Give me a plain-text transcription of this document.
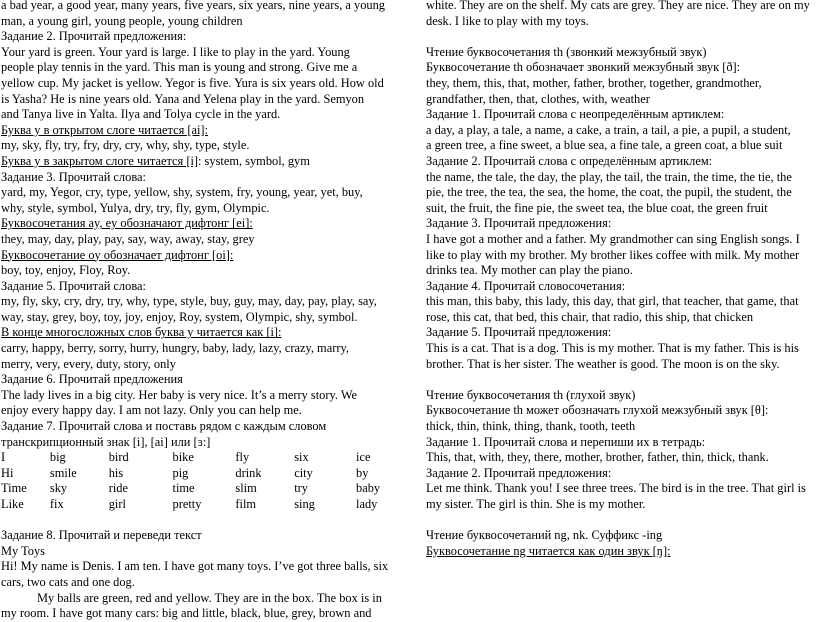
a bad year, a good year, many years, five years, six years, nine years, a young
man, a young girl, young people, young children
Задание 2. Прочитай предложения:
Your yard is green. Your yard is large. I like to play in the yard. Young
people play tennis in the yard. This man is young and strong. Give me a
yellow cup. My jacket is yellow. Yegor is five. Yura is six years old. How old
is Yasha? He is nine years old. Yana and Yelena play in the yard. Semyon
and Tanya live in Yalta. Ilya and Tolya cycle in the yard.
Буква y в открытом слоге читается [ai]:
my, sky, fly, try, fry, dry, cry, why, shy, type, style.
Буква y в закрытом слоге читается [i]: system, symbol, gym
Задание 3. Прочитай слова:
yard, my, Yegor, cry, type, yellow, shy, system, fry, young, year, yet, buy,
why, style, symbol, Yulya, dry, try, fly, gym, Olympic.
Буквосочетания ay, ey обозначают дифтонг [ei]:
they, may, day, play, pay, say, way, away, stay, grey
Буквосочетание oy обозначает дифтонг [oi]:
boy, toy, enjoy, Floy, Roy.
Задание 5. Прочитай слова:
my, fly, sky, cry, dry, try, why, type, style, buy, guy, may, day, pay, play, say,
way, stay, grey, boy, toy, joy, enjoy, Roy, system, Olympic, shy, symbol.
В конце многосложных слов буква y читается как [i]:
carry, happy, berry, sorry, hurry, hungry, baby, lady, lazy, crazy, marry,
merry, very, every, duty, story, only
Задание 6. Прочитай предложения
The lady lives in a big city. Her baby is very nice. It’s a merry story. We
enjoy every happy day. I am not lazy. Only you can help me.
Задание 7. Прочитай слова и поставь рядом с каждым словом
транскрипционный знак [i], [ai] или [ɜ:]
I	big	bird	bike	fly	six	ice
Hi	smile	his	pig	drink	city	by
Time	sky	ride	time	slim	try	baby
Like	fix	girl	pretty	film	sing	lady
Задание 8. Прочитай и переведи текст
My Toys
Hi! My name is Denis. I am ten. I have got many toys. I’ve got three balls, six
cars, two cats and one dog.
My balls are green, red and yellow. They are in the box. The box is in
my room. I have got many cars: big and little, black, blue, grey, brown and
white. They are on the shelf. My cats are grey. They are nice. They are on my
desk. I like to play with my toys.
Чтение буквосочетания th (звонкий межзубный звук)
Буквосочетание th обозначает звонкий межзубный звук [ð]:
they, them, this, that, mother, father, brother, together, grandmother,
grandfather, then, that, clothes, with, weather
Задание 1. Прочитай слова с неопределённым артиклем:
a day, a play, a tale, a name, a cake, a train, a tail, a pie, a pupil, a student,
a green tree, a fine sweet, a blue sea, a fine tale, a green coat, a blue suit
Задание 2. Прочитай слова с определённым артиклем:
the name, the tale, the day, the play, the tail, the train, the time, the tie, the
pie, the tree, the tea, the sea, the home, the coat, the pupil, the student, the
suit, the fruit, the fine pie, the sweet tea, the blue coat, the green fruit
Задание 3. Прочитай предложения:
I have got a mother and a father. My grandmother can sing English songs. I
like to play with my brother. My brother likes coffee with milk. My mother
drinks tea. My mother can play the piano.
Задание 4. Прочитай словосочетания:
this man, this baby, this lady, this day, that girl, that teacher, that game, that
rose, this cat, that bed, this chair, that radio, this ship, that chicken
Задание 5. Прочитай предложения:
This is a cat. That is a dog. This is my mother. That is my father. This is his
brother. That is her sister. The weather is good. The moon is on the sky.
Чтение буквосочетания th (глухой звук)
Буквосочетание th может обозначать глухой межзубный звук [θ]:
thick, thin, think, thing, thank, tooth, teeth
Задание 1. Прочитай слова и перепиши их в тетрадь:
This, that, with, they, there, mother, brother, father, thin, thick, thank.
Задание 2. Прочитай предложения:
Let me think. Thank you! I see three trees. The bird is in the tree. That girl is
my sister. The girl is thin. She is my mother.
Чтение буквосочетаний ng, nk. Суффикс -ing
Буквосочетание ng читается как один звук [ŋ]:
